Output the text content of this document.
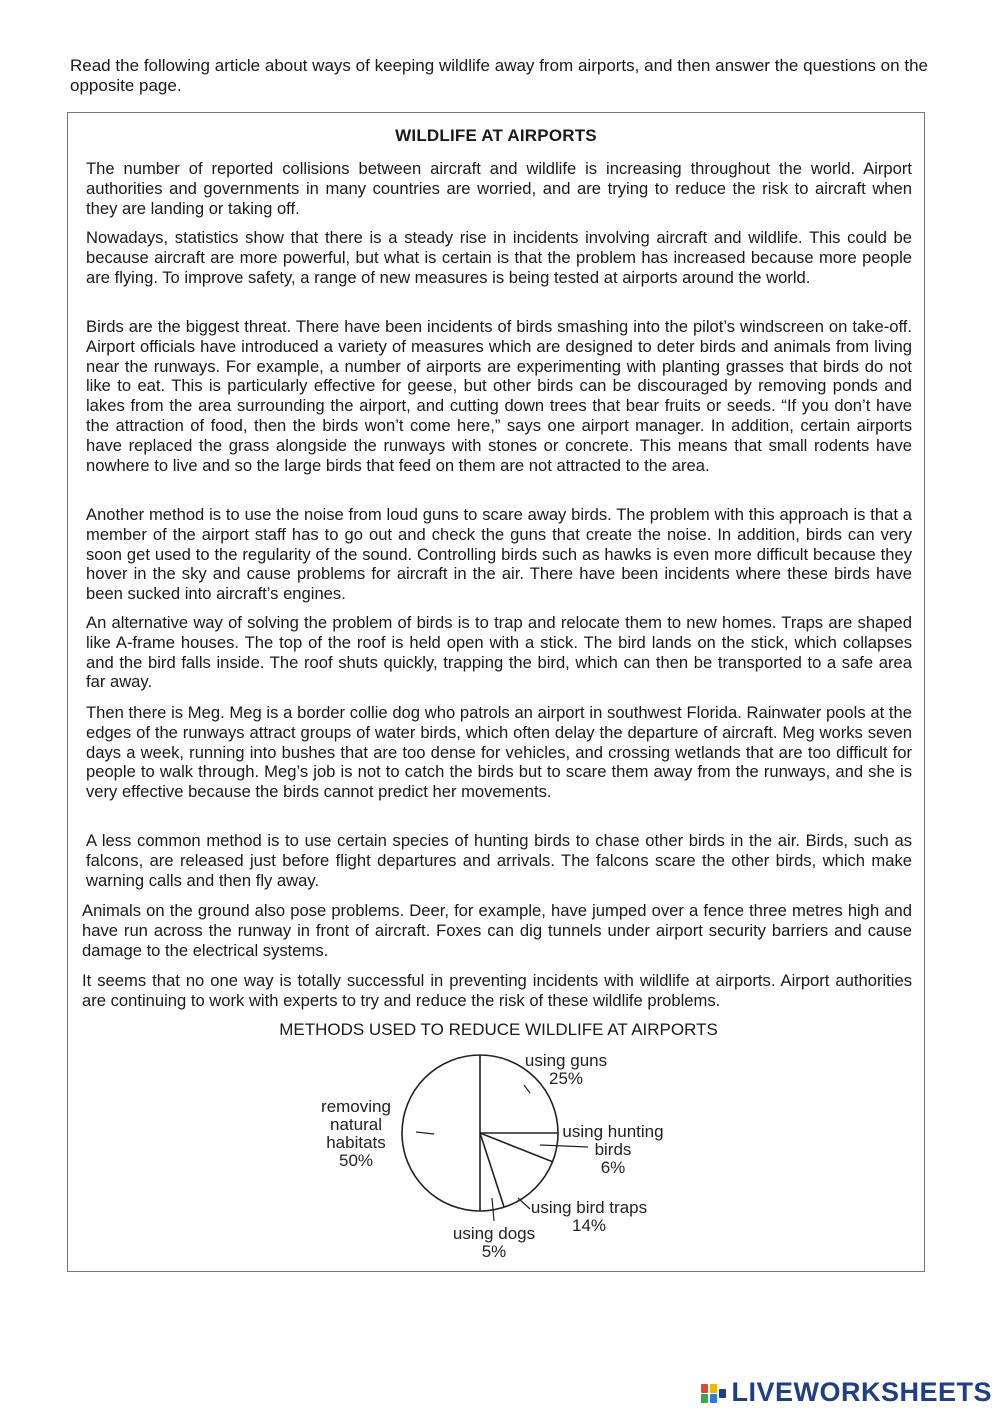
Read the following article about ways of keeping wildlife away from airports, and then answer the questions on the opposite page.
WILDLIFE AT AIRPORTS

The number of reported collisions between aircraft and wildlife is increasing throughout the world. Airport authorities and governments in many countries are worried, and are trying to reduce the risk to aircraft when they are landing or taking off.

Nowadays, statistics show that there is a steady rise in incidents involving aircraft and wildlife. This could be because aircraft are more powerful, but what is certain is that the problem has increased because more people are flying. To improve safety, a range of new measures is being tested at airports around the world.

Birds are the biggest threat. There have been incidents of birds smashing into the pilot’s windscreen on take-off. Airport officials have introduced a variety of measures which are designed to deter birds and animals from living near the runways. For example, a number of airports are experimenting with planting grasses that birds do not like to eat. This is particularly effective for geese, but other birds can be discouraged by removing ponds and lakes from the area surrounding the airport, and cutting down trees that bear fruits or seeds. “If you don’t have the attraction of food, then the birds won’t come here,” says one airport manager. In addition, certain airports have replaced the grass alongside the runways with stones or concrete. This means that small rodents have nowhere to live and so the large birds that feed on them are not attracted to the area.

Another method is to use the noise from loud guns to scare away birds. The problem with this approach is that a member of the airport staff has to go out and check the guns that create the noise. In addition, birds can very soon get used to the regularity of the sound. Controlling birds such as hawks is even more difficult because they hover in the sky and cause problems for aircraft in the air. There have been incidents where these birds have been sucked into aircraft’s engines.

An alternative way of solving the problem of birds is to trap and relocate them to new homes. Traps are shaped like A-frame houses. The top of the roof is held open with a stick. The bird lands on the stick, which collapses and the bird falls inside. The roof shuts quickly, trapping the bird, which can then be transported to a safe area far away.

Then there is Meg. Meg is a border collie dog who patrols an airport in southwest Florida. Rainwater pools at the edges of the runways attract groups of water birds, which often delay the departure of aircraft. Meg works seven days a week, running into bushes that are too dense for vehicles, and crossing wetlands that are too difficult for people to walk through. Meg’s job is not to catch the birds but to scare them away from the runways, and she is very effective because the birds cannot predict her movements.

A less common method is to use certain species of hunting birds to chase other birds in the air. Birds, such as falcons, are released just before flight departures and arrivals. The falcons scare the other birds, which make warning calls and then fly away.

Animals on the ground also pose problems. Deer, for example, have jumped over a fence three metres high and have run across the runway in front of aircraft. Foxes can dig tunnels under airport security barriers and cause damage to the electrical systems.

It seems that no one way is totally successful in preventing incidents with wildlife at airports. Airport authorities are continuing to work with experts to try and reduce the risk of these wildlife problems.

METHODS USED TO REDUCE WILDLIFE AT AIRPORTS
using guns
25%
using hunting
birds
6%
using bird traps
14%
using dogs
5%
removing
natural
habitats
50%
LIVEWORKSHEETS
